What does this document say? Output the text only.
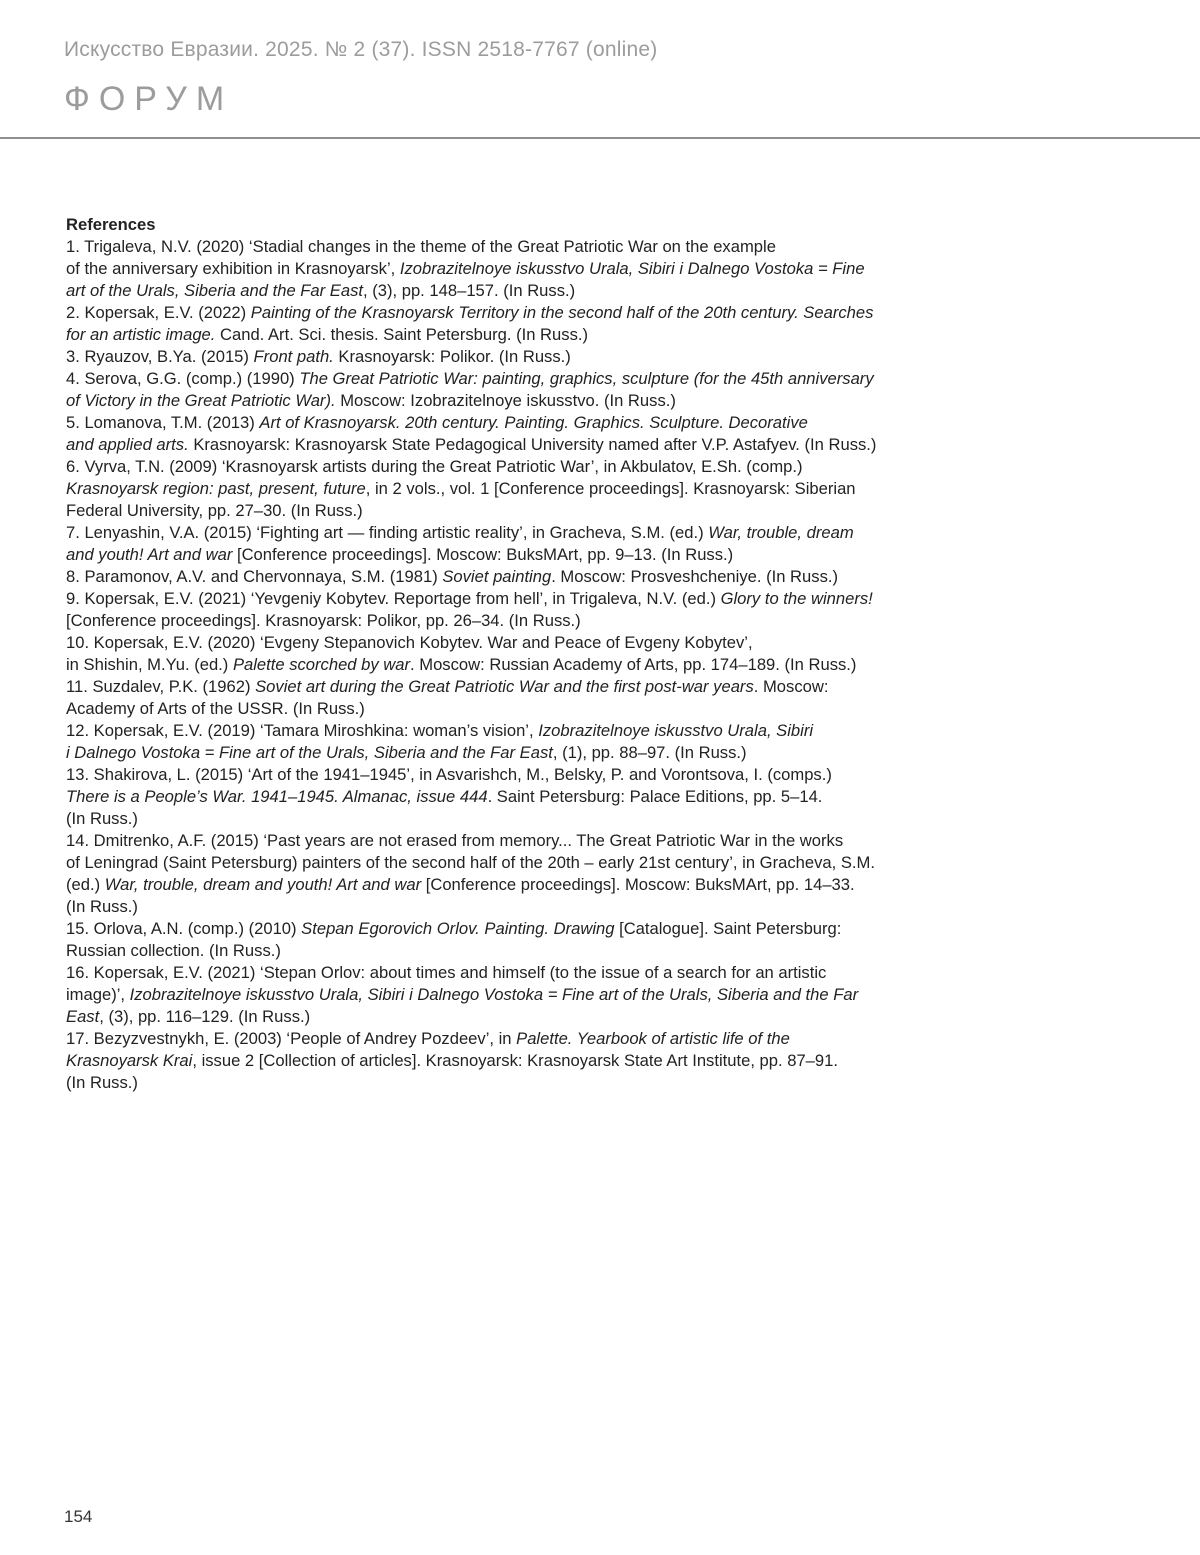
Искусство Евразии. 2025. № 2 (37). ISSN 2518-7767 (online)
ФОРУМ
References
1. Trigaleva, N.V. (2020) ‘Stadial changes in the theme of the Great Patriotic War on the example
of the anniversary exhibition in Krasnoyarsk’, Izobrazitelnoye iskusstvo Urala, Sibiri i Dalnego Vostoka = Fine
art of the Urals, Siberia and the Far East, (3), pp. 148–157. (In Russ.)
2. Kopersak, E.V. (2022) Painting of the Krasnoyarsk Territory in the second half of the 20th century. Searches
for an artistic image. Cand. Art. Sci. thesis. Saint Petersburg. (In Russ.)
3. Ryauzov, B.Ya. (2015) Front path. Krasnoyarsk: Polikor. (In Russ.)
4. Serova, G.G. (comp.) (1990) The Great Patriotic War: painting, graphics, sculpture (for the 45th anniversary
of Victory in the Great Patriotic War). Moscow: Izobrazitelnoye iskusstvo. (In Russ.)
5. Lomanova, T.M. (2013) Art of Krasnoyarsk. 20th century. Painting. Graphics. Sculpture. Decorative
and applied arts. Krasnoyarsk: Krasnoyarsk State Pedagogical University named after V.P. Astafyev. (In Russ.)
6. Vyrva, T.N. (2009) ‘Krasnoyarsk artists during the Great Patriotic War’, in Akbulatov, E.Sh. (comp.)
Krasnoyarsk region: past, present, future, in 2 vols., vol. 1 [Conference proceedings]. Krasnoyarsk: Siberian
Federal University, pp. 27–30. (In Russ.)
7. Lenyashin, V.A. (2015) ‘Fighting art — finding artistic reality’, in Gracheva, S.M. (ed.) War, trouble, dream
and youth! Art and war [Conference proceedings]. Moscow: BuksMArt, pp. 9–13. (In Russ.)
8. Paramonov, A.V. and Chervonnaya, S.M. (1981) Soviet painting. Moscow: Prosveshcheniye. (In Russ.)
9. Kopersak, E.V. (2021) ‘Yevgeniy Kobytev. Reportage from hell’, in Trigaleva, N.V. (ed.) Glory to the winners!
[Conference proceedings]. Krasnoyarsk: Polikor, pp. 26–34. (In Russ.)
10. Kopersak, E.V. (2020) ‘Evgeny Stepanovich Kobytev. War and Peace of Evgeny Kobytev’,
in Shishin, M.Yu. (ed.) Palette scorched by war. Moscow: Russian Academy of Arts, pp. 174–189. (In Russ.)
11. Suzdalev, P.K. (1962) Soviet art during the Great Patriotic War and the first post-war years. Moscow:
Academy of Arts of the USSR. (In Russ.)
12. Kopersak, E.V. (2019) ‘Tamara Miroshkina: woman’s vision’, Izobrazitelnoye iskusstvo Urala, Sibiri
i Dalnego Vostoka = Fine art of the Urals, Siberia and the Far East, (1), pp. 88–97. (In Russ.)
13. Shakirova, L. (2015) ‘Art of the 1941–1945’, in Asvarishch, M., Belsky, P. and Vorontsova, I. (comps.)
There is a People’s War. 1941–1945. Almanac, issue 444. Saint Petersburg: Palace Editions, pp. 5–14.
(In Russ.)
14. Dmitrenko, A.F. (2015) ‘Past years are not erased from memory... The Great Patriotic War in the works
of Leningrad (Saint Petersburg) painters of the second half of the 20th – early 21st century’, in Gracheva, S.M.
(ed.) War, trouble, dream and youth! Art and war [Conference proceedings]. Moscow: BuksMArt, pp. 14–33.
(In Russ.)
15. Orlova, A.N. (comp.) (2010) Stepan Egorovich Orlov. Painting. Drawing [Catalogue]. Saint Petersburg:
Russian collection. (In Russ.)
16. Kopersak, E.V. (2021) ‘Stepan Orlov: about times and himself (to the issue of a search for an artistic
image)’, Izobrazitelnoye iskusstvo Urala, Sibiri i Dalnego Vostoka = Fine art of the Urals, Siberia and the Far
East, (3), pp. 116–129. (In Russ.)
17. Bezyzvestnykh, E. (2003) ‘People of Andrey Pozdeev’, in Palette. Yearbook of artistic life of the
Krasnoyarsk Krai, issue 2 [Collection of articles]. Krasnoyarsk: Krasnoyarsk State Art Institute, pp. 87–91.
(In Russ.)
154
